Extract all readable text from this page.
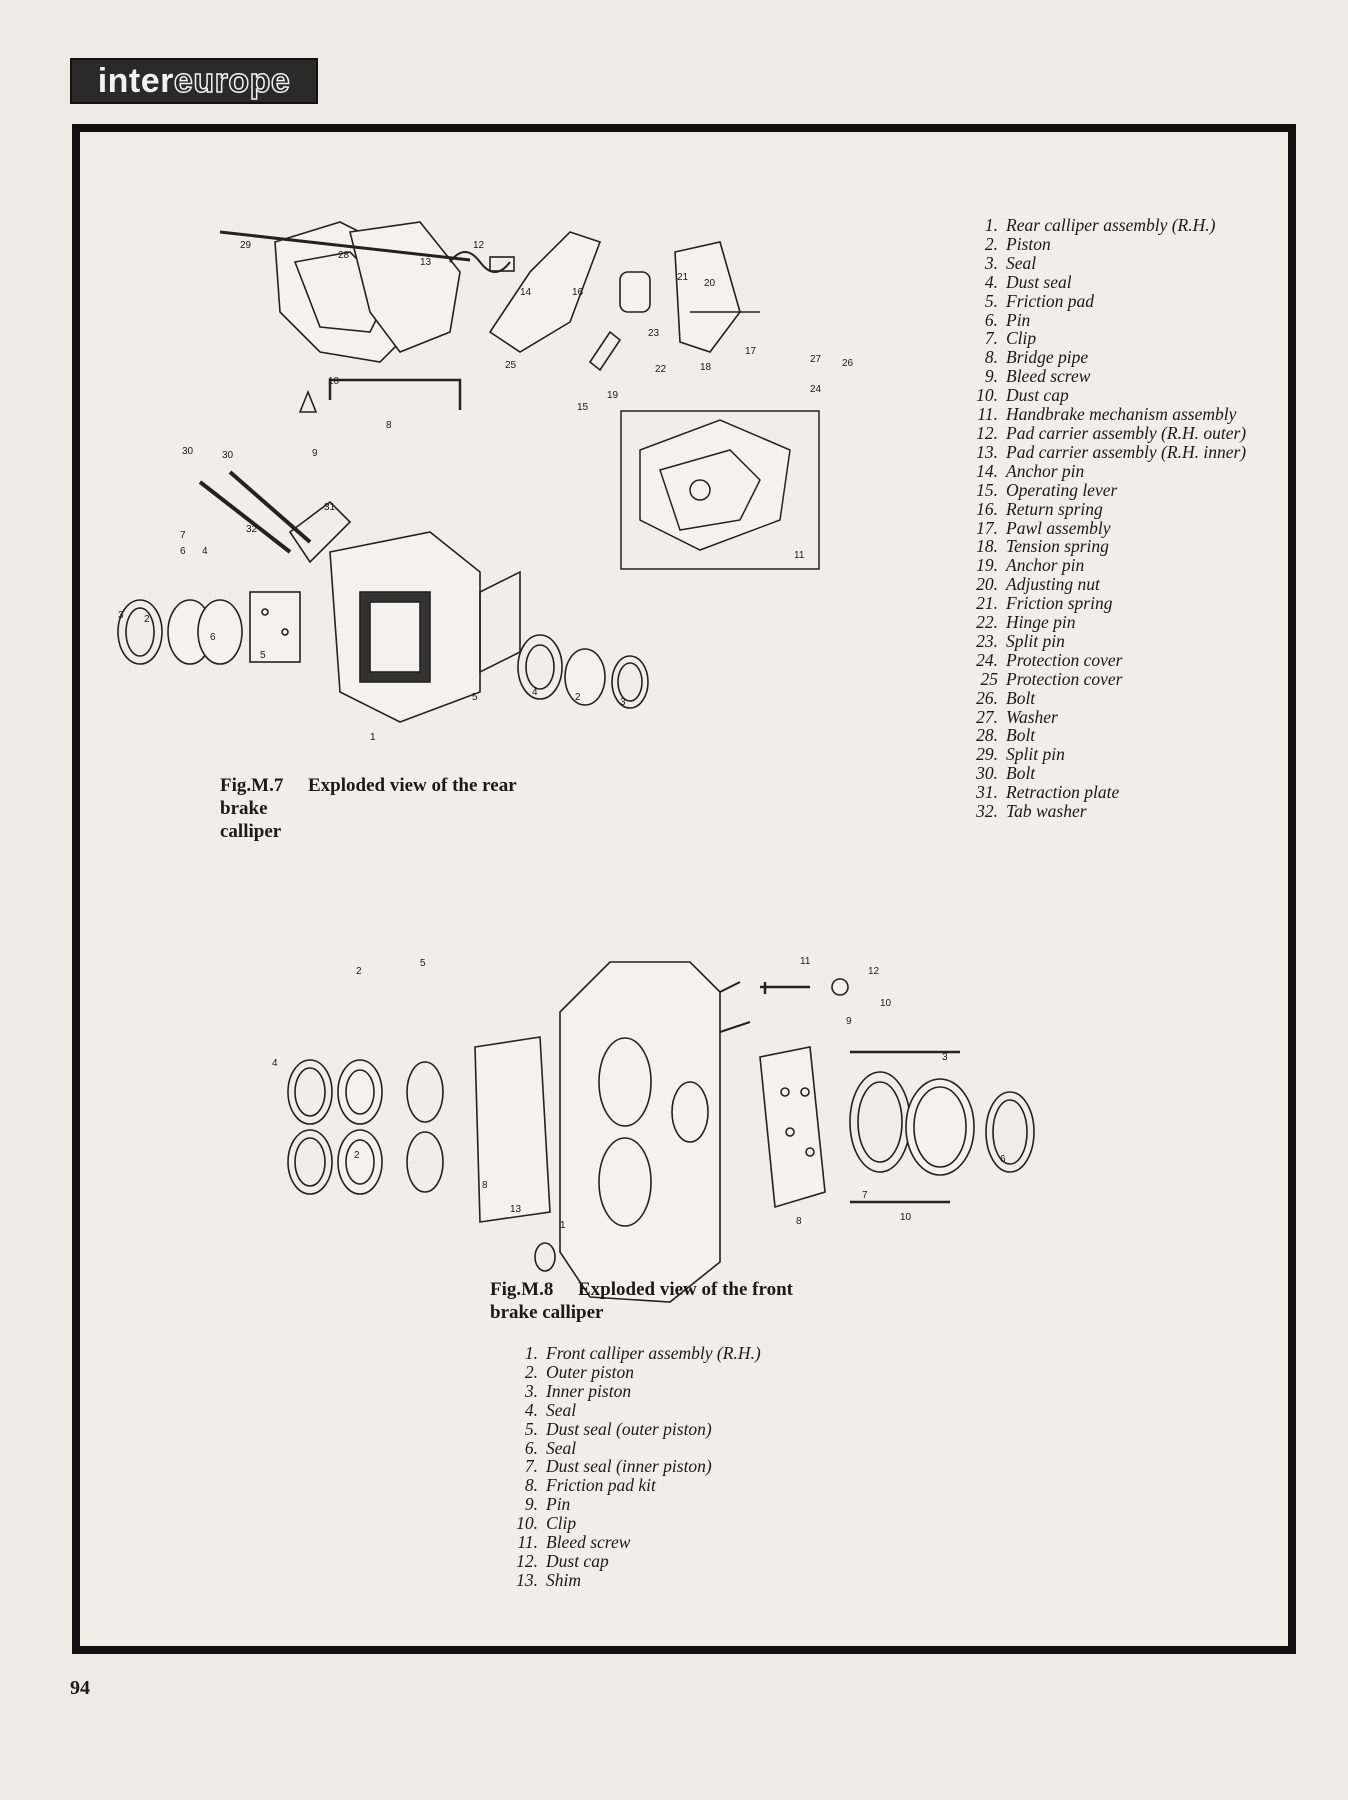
inter europe
29
28
13
12
14	16
21
20
23
22
17
18
27 26
25
15
19
24
10
8
9
11
30	30
31
32
7
6 4
3 2
6
5
5	4	2	3
1
Fig.M.7 Exploded view of the rear brake
calliper
1. Rear calliper assembly (R.H.)
2. Piston
3. Seal
4. Dust seal
5. Friction pad
6. Pin
7. Clip
8. Bridge pipe
9. Bleed screw
10. Dust cap
11. Handbrake mechanism assembly
12. Pad carrier assembly (R.H. outer)
13. Pad carrier assembly (R.H. inner)
14. Anchor pin
15. Operating lever
16. Return spring
17. Pawl assembly
18. Tension spring
19. Anchor pin
20. Adjusting nut
21. Friction spring
22. Hinge pin
23. Split pin
24. Protection cover
25 Protection cover
26. Bolt
27. Washer
28. Bolt
29. Split pin
30. Bolt
31. Retraction plate
32. Tab washer
2
5
4
2
8
13
1
11
12
10
9
3
6
7
10
8
Fig.M.8 Exploded view of the front
brake calliper
1. Front calliper assembly (R.H.)
2. Outer piston
3. Inner piston
4. Seal
5. Dust seal (outer piston)
6. Seal
7. Dust seal (inner piston)
8. Friction pad kit
9. Pin
10. Clip
11. Bleed screw
12. Dust cap
13. Shim
94
